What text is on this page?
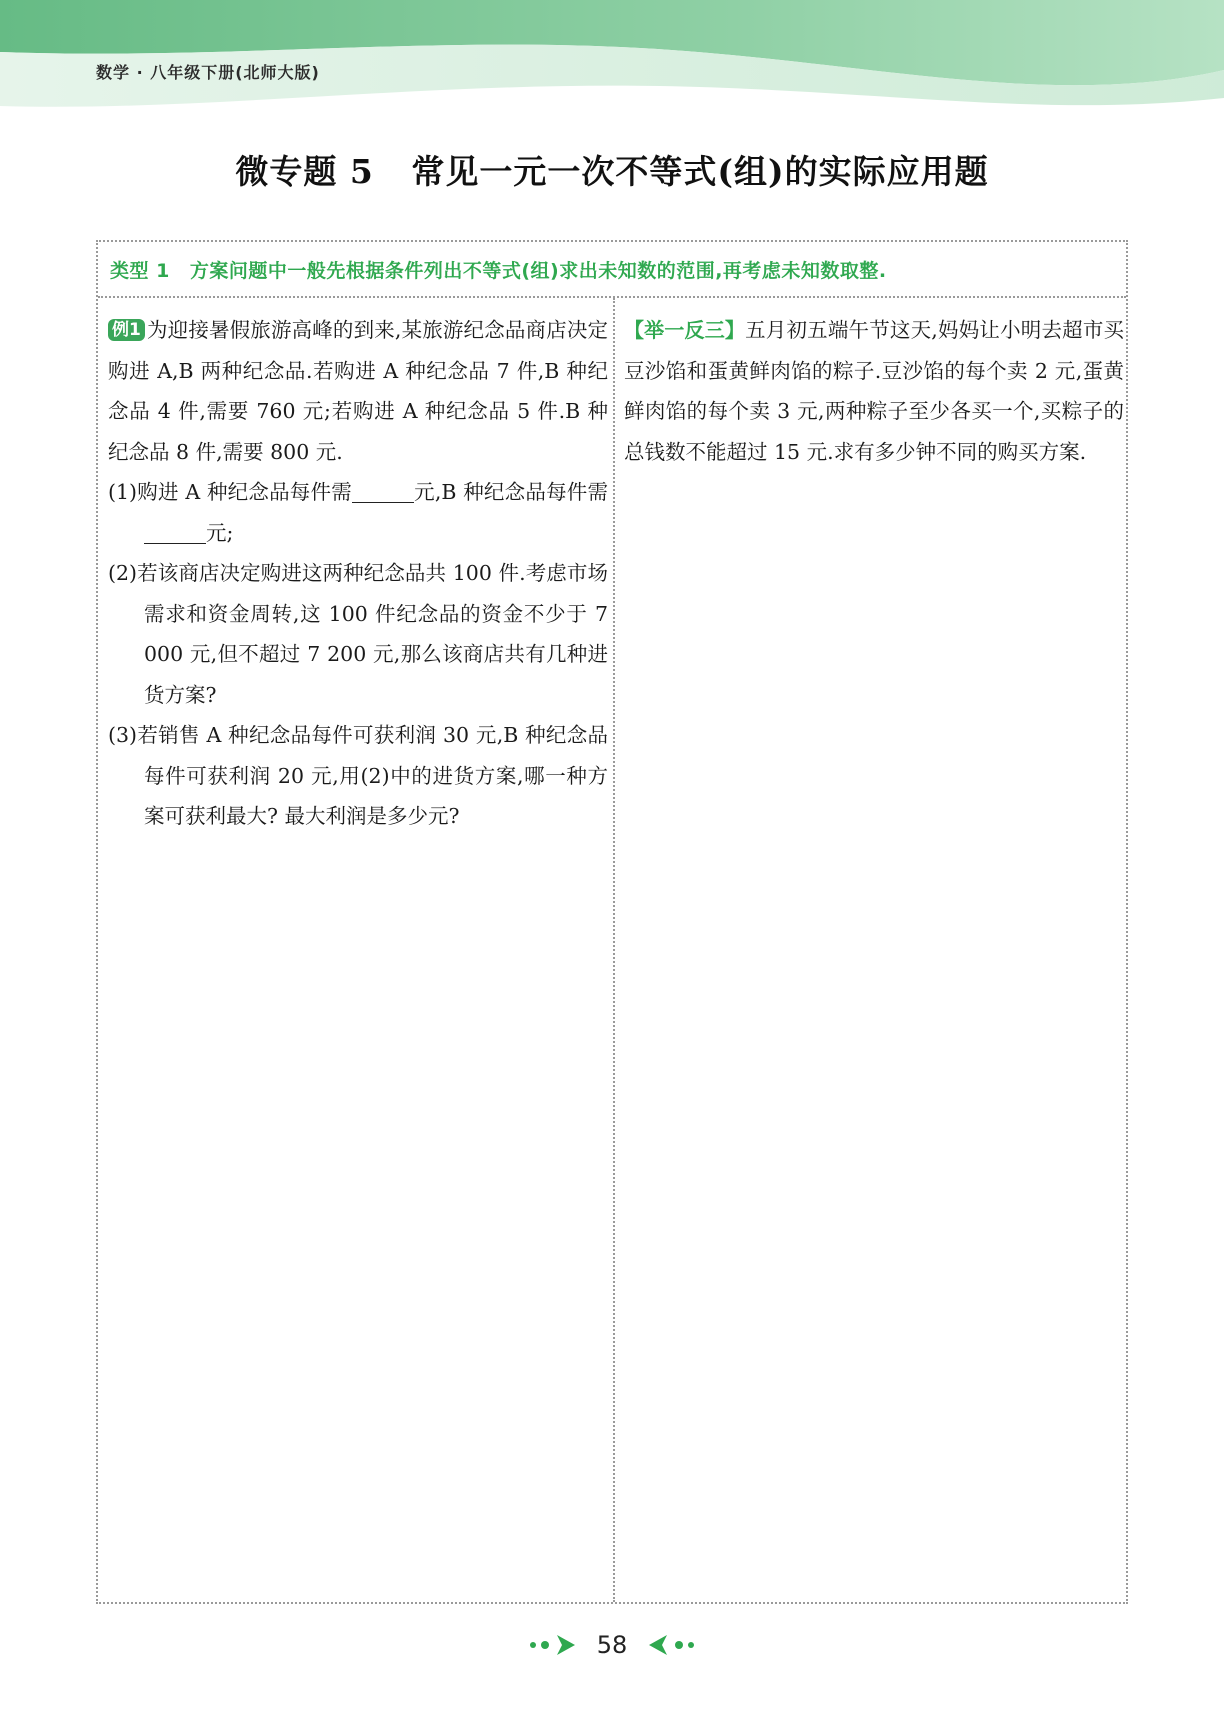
数学 · 八年级下册(北师大版)
微专题 5   常见一元一次不等式(组)的实际应用题
类型 1 方案问题中一般先根据条件列出不等式(组)求出未知数的范围,再考虑未知数取整.

例1 为迎接暑假旅游高峰的到来,某旅游纪念品商店决定购进 A,B 两种纪念品.若购进 A 种纪念品 7 件,B 种纪念品 4 件,需要 760 元;若购进 A 种纪念品 5 件.B 种纪念品 8 件,需要 800 元.

(1)购进 A 种纪念品每件需	元,B 种纪念品每件需元;

(2)若该商店决定购进这两种纪念品共 100 件.考虑市场需求和资金周转,这 100 件纪念品的资金不少于 7 000 元,但不超过 7 200 元,那么该商店共有几种进货方案?

(3)若销售 A 种纪念品每件可获利润 30 元,B 种纪念品每件可获利润 20 元,用(2)中的进货方案,哪一种方案可获利最大? 最大利润是多少元?

【举一反三】五月初五端午节这天,妈妈让小明去超市买豆沙馅和蛋黄鲜肉馅的粽子.豆沙馅的每个卖 2 元,蛋黄鲜肉馅的每个卖 3 元,两种粽子至少各买一个,买粽子的总钱数不能超过 15 元.求有多少钟不同的购买方案.

58
